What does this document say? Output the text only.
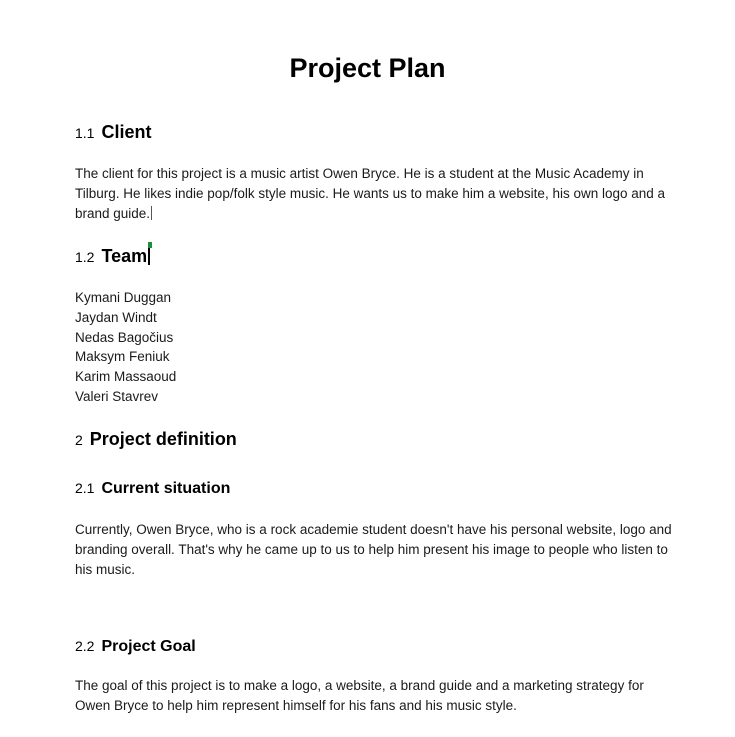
Project Plan
1.1 Client
The client for this project is a music artist Owen Bryce. He is a student at the Music Academy in Tilburg. He likes indie pop/folk style music. He wants us to make him a website, his own logo and a brand guide.
1.2 Team
Kymani Duggan
Jaydan Windt
Nedas Bagočius
Maksym Feniuk
Karim Massaoud
Valeri Stavrev
2 Project definition
2.1 Current situation
Currently, Owen Bryce, who is a rock academie student doesn't have his personal website, logo and branding overall. That's why he came up to us to help him present his image to people who listen to his music.
2.2 Project Goal
The goal of this project is to make a logo, a website, a brand guide and a marketing strategy for Owen Bryce to help him represent himself for his fans and his music style.
